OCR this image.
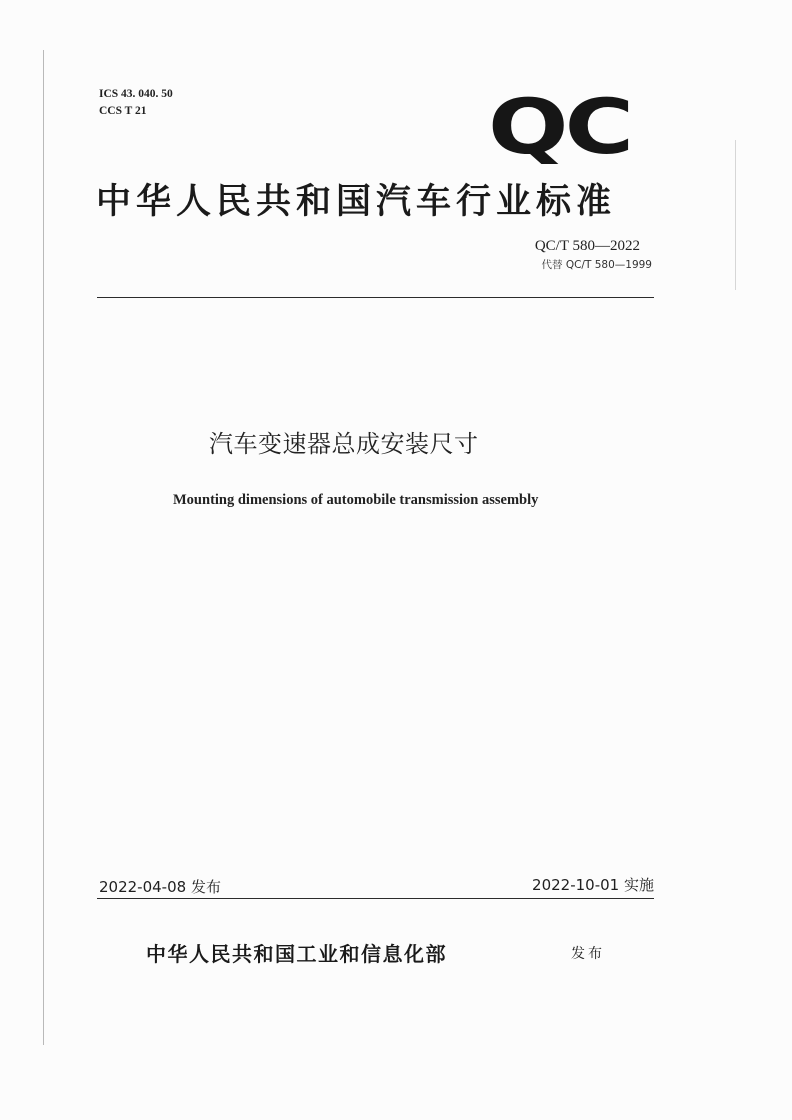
ICS 43. 040. 50
CCS T 21	QC
中华人民共和国汽车行业标准
QC/T 580—2022
代替 QC/T 580—1999
汽车变速器总成安装尺寸
Mounting dimensions of automobile transmission assembly
2022-04-08 发布	2022-10-01 实施
中华人民共和国工业和信息化部	发布
